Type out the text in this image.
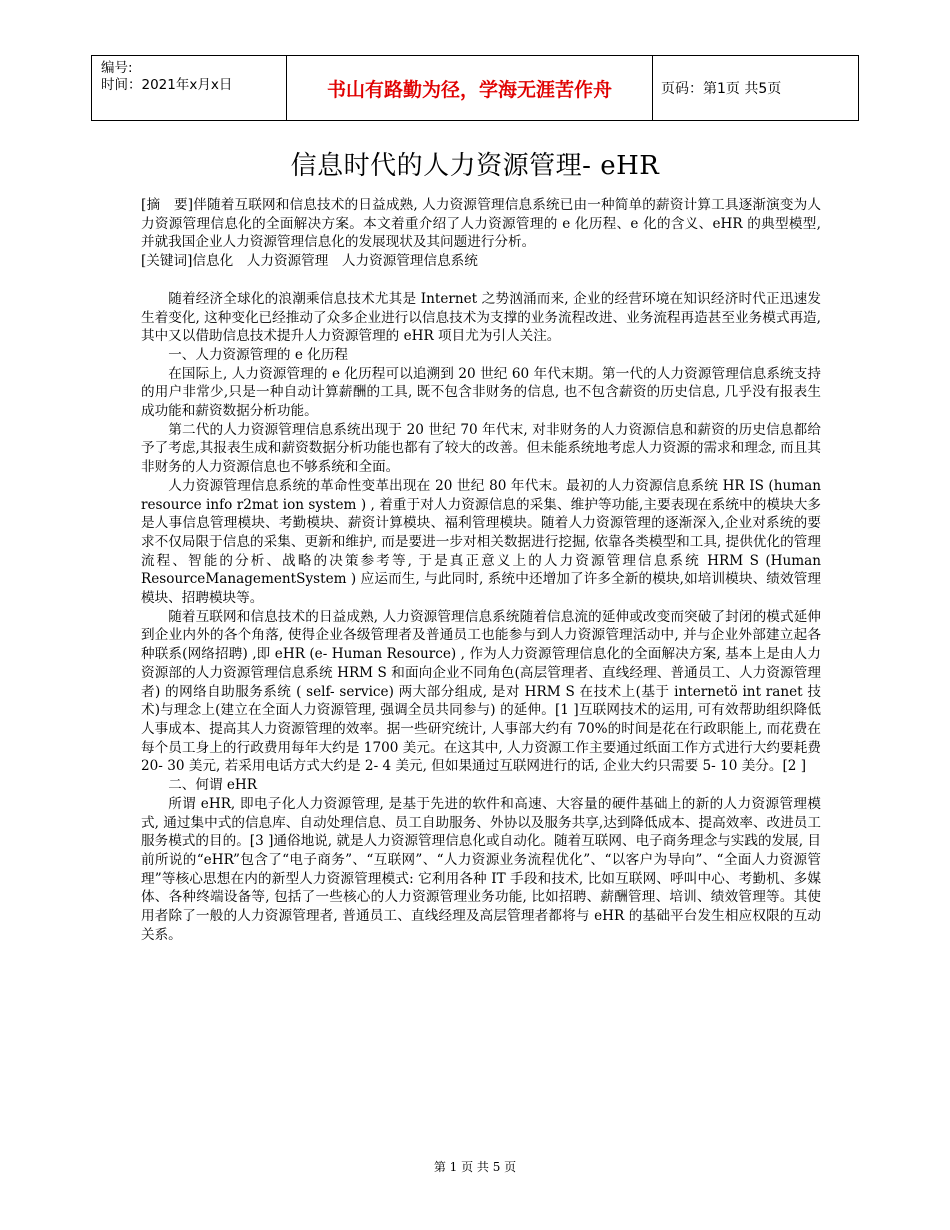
编号:
时间：2021年x月x日	书山有路勤为径，学海无涯苦作舟	页码：第1页 共5页
信息时代的人力资源管理- eHR

[摘　要]伴随着互联网和信息技术的日益成熟, 人力资源管理信息系统已由一种简单的薪资计算工具逐渐演变为人力资源管理信息化的全面解决方案。本文着重介绍了人力资源管理的 e 化历程、e 化的含义、eHR 的典型模型, 并就我国企业人力资源管理信息化的发展现状及其问题进行分析。

[关键词]信息化　人力资源管理　人力资源管理信息系统

随着经济全球化的浪潮乘信息技术尤其是 Internet 之势汹涌而来, 企业的经营环境在知识经济时代正迅速发生着变化, 这种变化已经推动了众多企业进行以信息技术为支撑的业务流程改进、业务流程再造甚至业务模式再造, 其中又以借助信息技术提升人力资源管理的 eHR 项目尤为引人关注。

一、人力资源管理的 e 化历程

在国际上, 人力资源管理的 e 化历程可以追溯到 20 世纪 60 年代末期。第一代的人力资源管理信息系统支持的用户非常少,只是一种自动计算薪酬的工具, 既不包含非财务的信息, 也不包含薪资的历史信息, 几乎没有报表生成功能和薪资数据分析功能。

第二代的人力资源管理信息系统出现于 20 世纪 70 年代末, 对非财务的人力资源信息和薪资的历史信息都给予了考虑,其报表生成和薪资数据分析功能也都有了较大的改善。但未能系统地考虑人力资源的需求和理念, 而且其非财务的人力资源信息也不够系统和全面。

人力资源管理信息系统的革命性变革出现在 20 世纪 80 年代末。最初的人力资源信息系统 HR IS (human resource info r2mat ion system ) , 着重于对人力资源信息的采集、维护等功能,主要表现在系统中的模块大多是人事信息管理模块、考勤模块、薪资计算模块、福利管理模块。随着人力资源管理的逐渐深入,企业对系统的要求不仅局限于信息的采集、更新和维护, 而是要进一步对相关数据进行挖掘, 依靠各类模型和工具, 提供优化的管理流程、智能的分析、战略的决策参考等, 于是真正意义上的人力资源管理信息系统 HRM S (Human ResourceManagementSystem ) 应运而生, 与此同时, 系统中还增加了许多全新的模块,如培训模块、绩效管理模块、招聘模块等。

随着互联网和信息技术的日益成熟, 人力资源管理信息系统随着信息流的延伸或改变而突破了封闭的模式延伸到企业内外的各个角落, 使得企业各级管理者及普通员工也能参与到人力资源管理活动中, 并与企业外部建立起各种联系(网络招聘) ,即 eHR (e- Human Resource) , 作为人力资源管理信息化的全面解决方案, 基本上是由人力资源部的人力资源管理信息系统 HRM S 和面向企业不同角色(高层管理者、直线经理、普通员工、人力资源管理者) 的网络自助服务系统 ( self- service) 两大部分组成, 是对 HRM S 在技术上(基于 internetö int ranet 技术)与理念上(建立在全面人力资源管理, 强调全员共同参与) 的延伸。[1 ]互联网技术的运用, 可有效帮助组织降低人事成本、提高其人力资源管理的效率。据一些研究统计, 人事部大约有 70%的时间是花在行政职能上, 而花费在每个员工身上的行政费用每年大约是 1700 美元。在这其中, 人力资源工作主要通过纸面工作方式进行大约要耗费 20- 30 美元, 若采用电话方式大约是 2- 4 美元, 但如果通过互联网进行的话, 企业大约只需要 5- 10 美分。[2 ]

二、何谓 eHR

所谓 eHR, 即电子化人力资源管理, 是基于先进的软件和高速、大容量的硬件基础上的新的人力资源管理模式, 通过集中式的信息库、自动处理信息、员工自助服务、外协以及服务共享,达到降低成本、提高效率、改进员工服务模式的目的。[3 ]通俗地说, 就是人力资源管理信息化或自动化。随着互联网、电子商务理念与实践的发展, 目前所说的“eHR”包含了“电子商务”、“互联网”、“人力资源业务流程优化”、“以客户为导向”、“全面人力资源管理”等核心思想在内的新型人力资源管理模式: 它利用各种 IT 手段和技术, 比如互联网、呼叫中心、考勤机、多媒体、各种终端设备等, 包括了一些核心的人力资源管理业务功能, 比如招聘、薪酬管理、培训、绩效管理等。其使用者除了一般的人力资源管理者, 普通员工、直线经理及高层管理者都将与 eHR 的基础平台发生相应权限的互动关系。

第 1 页 共 5 页
